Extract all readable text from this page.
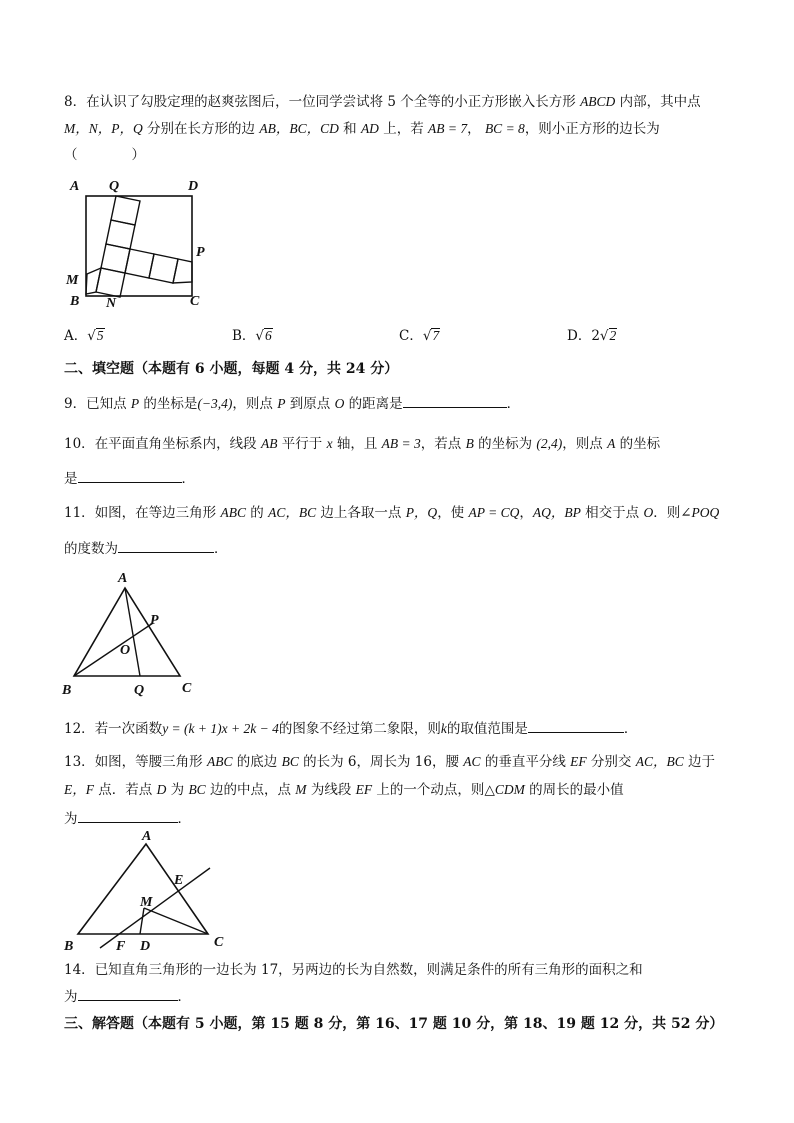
8．在认识了勾股定理的赵爽弦图后，一位同学尝试将 5 个全等的小正方形嵌入长方形 ABCD 内部，其中点
M，N，P，Q 分别在长方形的边 AB，BC，CD 和 AD 上，若 AB = 7， BC = 8，则小正方形的边长为
（　　　　）
A Q	D
P
M
B N	C
A．√5	B．√6	C．√7	D．2√2
二、填空题（本题有 6 小题，每题 4 分，共 24 分）
9．已知点 P 的坐标是(−3,4)，则点 P 到原点 O 的距离是	．
10．在平面直角坐标系内，线段 AB 平行于 x 轴，且 AB = 3，若点 B 的坐标为 (2,4)，则点 A 的坐标
是	．
11．如图，在等边三角形 ABC 的 AC，BC 边上各取一点 P，Q，使 AP = CQ，AQ，BP 相交于点 O．则∠POQ
的度数为	．
A
B	C
P
Q
O
12．若一次函数y = (k + 1)x + 2k − 4的图象不经过第二象限，则k的取值范围是	．
13．如图，等腰三角形 ABC 的底边 BC 的长为 6，周长为 16，腰 AC 的垂直平分线 EF 分别交 AC，BC 边于
E，F 点．若点 D 为 BC 边的中点，点 M 为线段 EF 上的一个动点，则△CDM 的周长的最小值
为	．
A
B	C
D
E
F
M
14．已知直角三角形的一边长为 17，另两边的长为自然数，则满足条件的所有三角形的面积之和
为	．
三、解答题（本题有 5 小题，第 15 题 8 分，第 16、17 题 10 分，第 18、19 题 12 分，共 52 分）
